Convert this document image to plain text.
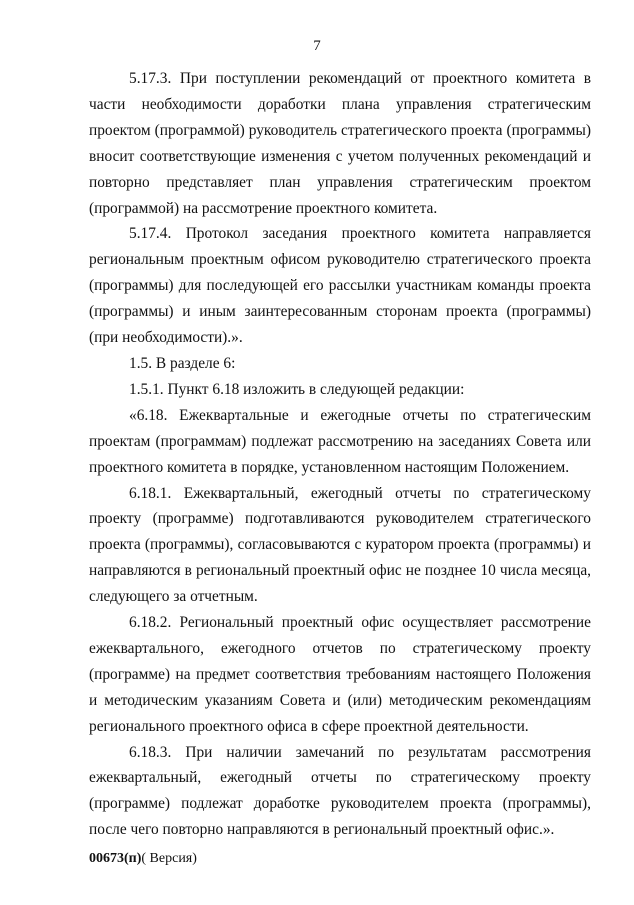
7

5.17.3. При поступлении рекомендаций от проектного комитета в части необходимости доработки плана управления стратегическим проектом (программой) руководитель стратегического проекта (программы) вносит соответствующие изменения с учетом полученных рекомендаций и повторно представляет план управления стратегическим проектом (программой) на рассмотрение проектного комитета.

5.17.4. Протокол заседания проектного комитета направляется региональным проектным офисом руководителю стратегического проекта (программы) для последующей его рассылки участникам команды проекта (программы) и иным заинтересованным сторонам проекта (программы) (при необходимости).».

1.5. В разделе 6:

1.5.1. Пункт 6.18 изложить в следующей редакции:

«6.18. Ежеквартальные и ежегодные отчеты по стратегическим проектам (программам) подлежат рассмотрению на заседаниях Совета или проектного комитета в порядке, установленном настоящим Положением.

6.18.1. Ежеквартальный, ежегодный отчеты по стратегическому проекту (программе) подготавливаются руководителем стратегического проекта (программы), согласовываются с куратором проекта (программы) и направляются в региональный проектный офис не позднее 10 числа месяца, следующего за отчетным.

6.18.2. Региональный проектный офис осуществляет рассмотрение ежеквартального, ежегодного отчетов по стратегическому проекту (программе) на предмет соответствия требованиям настоящего Положения и методическим указаниям Совета и (или) методическим рекомендациям регионального проектного офиса в сфере проектной деятельности.

6.18.3. При наличии замечаний по результатам рассмотрения ежеквартальный, ежегодный отчеты по стратегическому проекту (программе) подлежат доработке руководителем проекта (программы), после чего повторно направляются в региональный проектный офис.».

00673(п)( Версия)
